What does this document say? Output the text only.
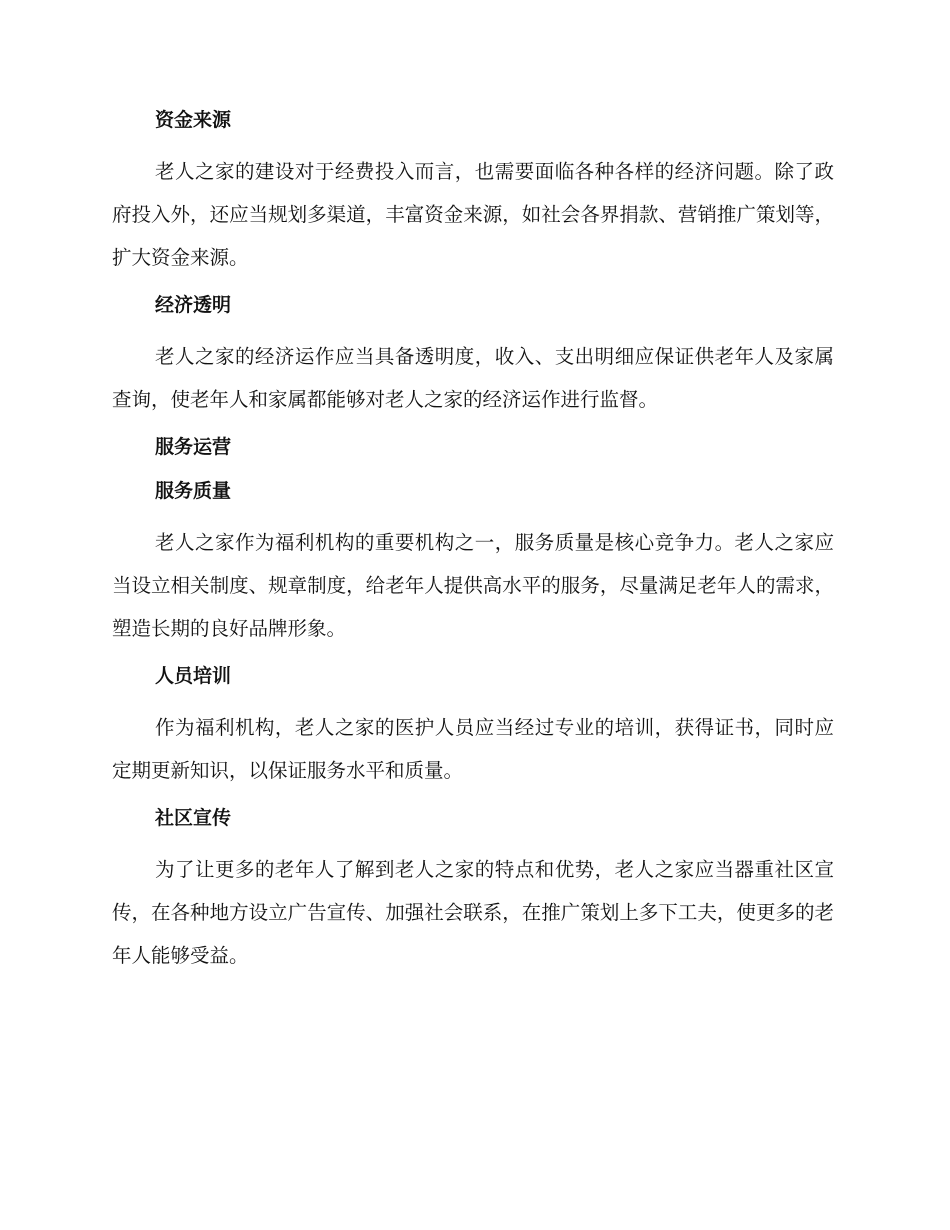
资金来源
老人之家的建设对于经费投入而言，也需要面临各种各样的经济问题。除了政府投入外，还应当规划多渠道，丰富资金来源，如社会各界捐款、营销推广策划等，扩大资金来源。
经济透明
老人之家的经济运作应当具备透明度，收入、支出明细应保证供老年人及家属查询，使老年人和家属都能够对老人之家的经济运作进行监督。
服务运营
服务质量
老人之家作为福利机构的重要机构之一，服务质量是核心竞争力。老人之家应当设立相关制度、规章制度，给老年人提供高水平的服务，尽量满足老年人的需求，塑造长期的良好品牌形象。
人员培训
作为福利机构，老人之家的医护人员应当经过专业的培训，获得证书，同时应定期更新知识，以保证服务水平和质量。
社区宣传
为了让更多的老年人了解到老人之家的特点和优势，老人之家应当器重社区宣传，在各种地方设立广告宣传、加强社会联系，在推广策划上多下工夫，使更多的老年人能够受益。
